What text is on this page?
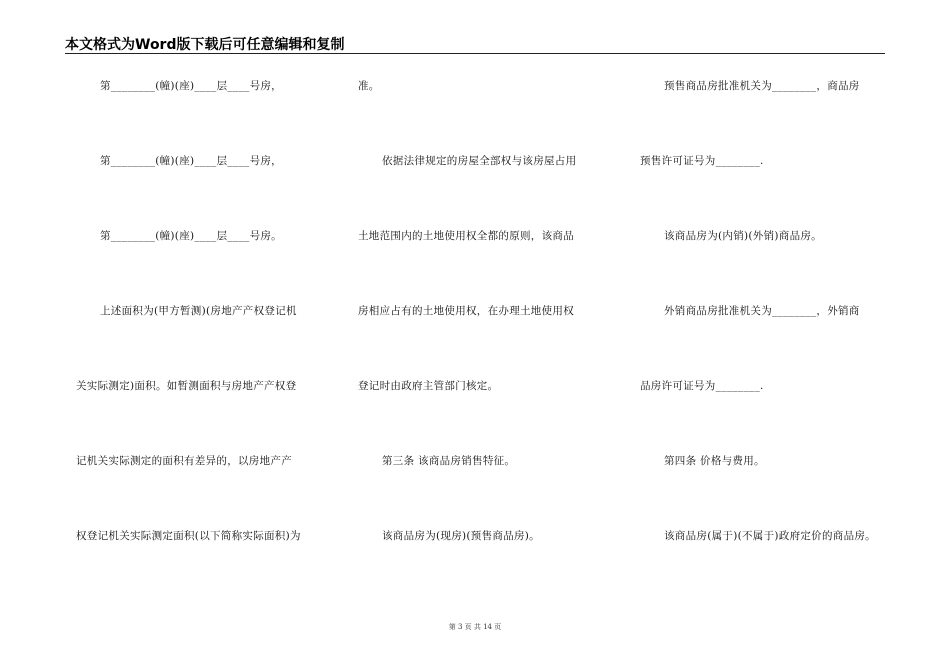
本文格式为Word版下载后可任意编辑和复制
第________(幢)(座)____层____号房，
第________(幢)(座)____层____号房，
第________(幢)(座)____层____号房。
上述面积为(甲方暂测)(房地产产权登记机
关实际测定)面积。如暂测面积与房地产产权登
记机关实际测定的面积有差异的，以房地产产
权登记机关实际测定面积(以下简称实际面积)为
准。
依据法律规定的房屋全部权与该房屋占用
土地范围内的土地使用权全都的原则，该商品
房相应占有的土地使用权，在办理土地使用权
登记时由政府主管部门核定。
第三条 该商品房销售特征。
该商品房为(现房)(预售商品房)。
预售商品房批准机关为________，商品房
预售许可证号为________.
该商品房为(内销)(外销)商品房。
外销商品房批准机关为________，外销商
品房许可证号为________.
第四条 价格与费用。
该商品房(属于)(不属于)政府定价的商品房。
第 3 页 共 14 页
